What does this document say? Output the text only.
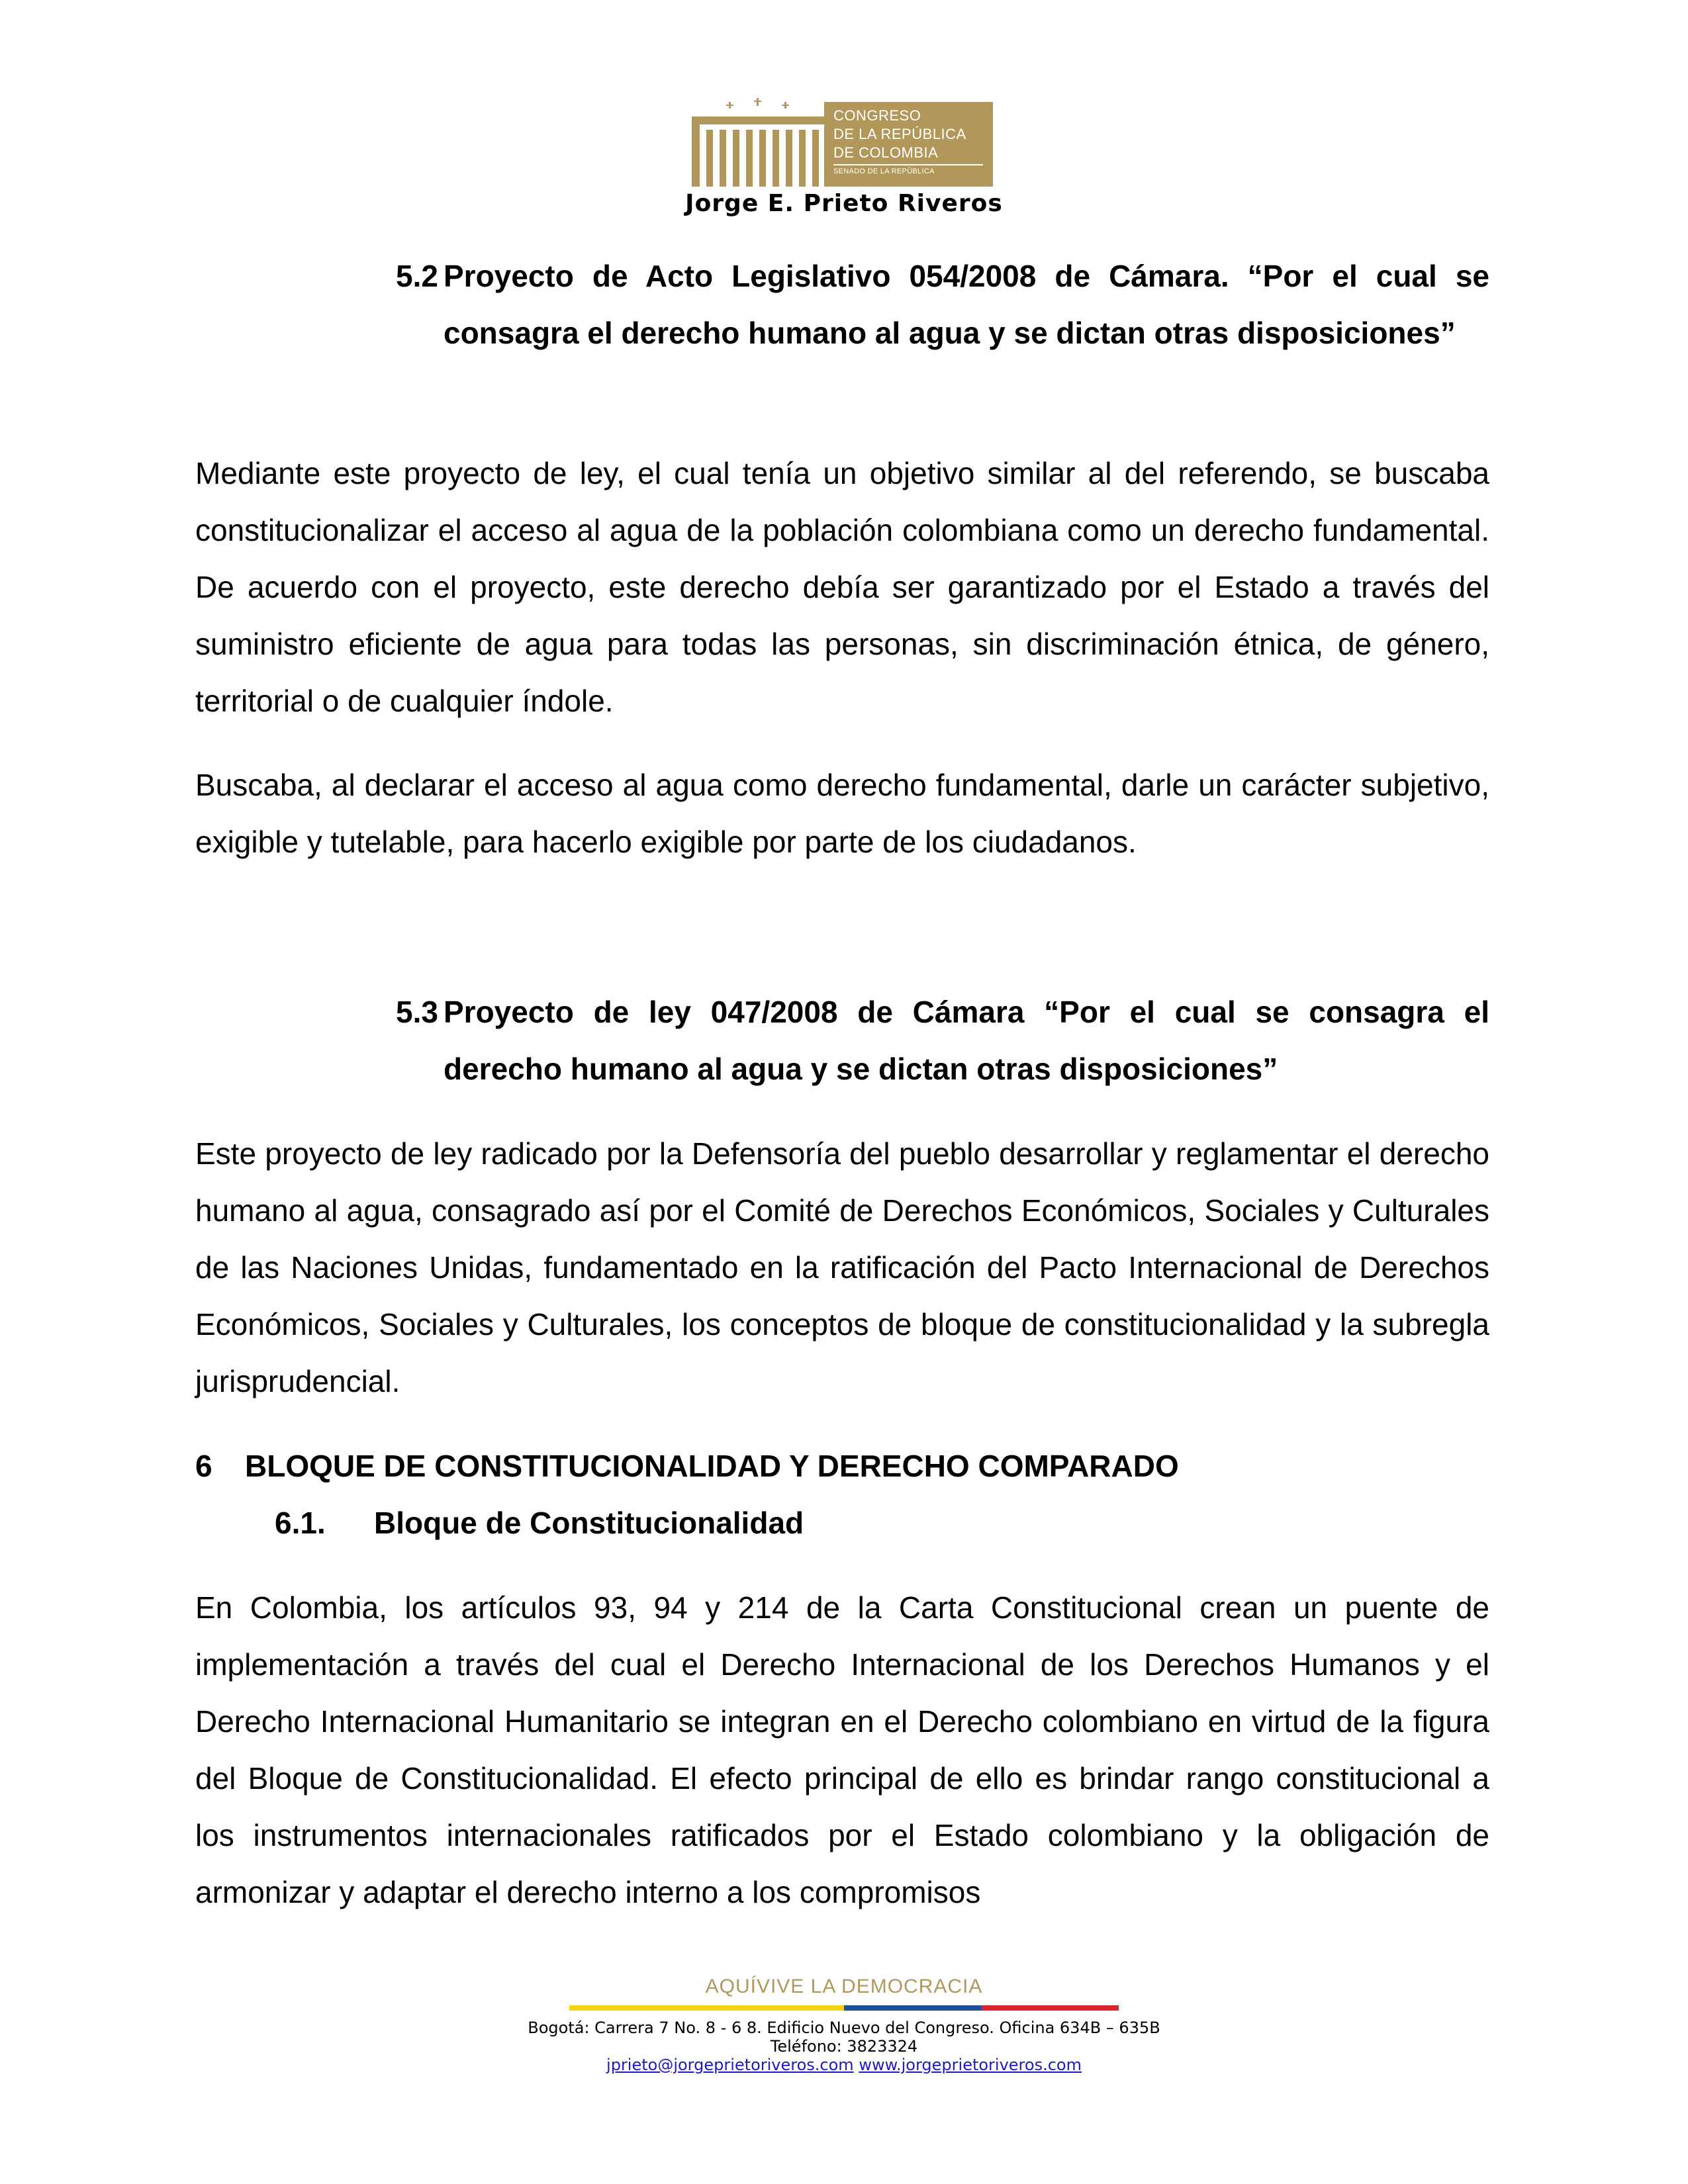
CONGRESO
DE LA REPÚBLICA
DE COLOMBIA
SENADO DE LA REPÚBLICA
Jorge E. Prieto Riveros
5.2 Proyecto de Acto Legislativo 054/2008 de Cámara. “Por el cual se consagra el derecho humano al agua y se dictan otras disposiciones”
Mediante este proyecto de ley, el cual tenía un objetivo similar al del referendo, se buscaba constitucionalizar el acceso al agua de la población colombiana como un derecho fundamental. De acuerdo con el proyecto, este derecho debía ser garantizado por el Estado a través del suministro eficiente de agua para todas las personas, sin discriminación étnica, de género, territorial o de cualquier índole.
Buscaba, al declarar el acceso al agua como derecho fundamental, darle un carácter subjetivo, exigible y tutelable, para hacerlo exigible por parte de los ciudadanos.
5.3 Proyecto de ley 047/2008 de Cámara “Por el cual se consagra el derecho humano al agua y se dictan otras disposiciones”
Este proyecto de ley radicado por la Defensoría del pueblo desarrollar y reglamentar el derecho humano al agua, consagrado así por el Comité de Derechos Económicos, Sociales y Culturales de las Naciones Unidas, fundamentado en la ratificación del Pacto Internacional de Derechos Económicos, Sociales y Culturales, los conceptos de bloque de constitucionalidad y la subregla jurisprudencial.
6 BLOQUE DE CONSTITUCIONALIDAD Y DERECHO COMPARADO
6.1. Bloque de Constitucionalidad
En Colombia, los artículos 93, 94 y 214 de la Carta Constitucional crean un puente de implementación a través del cual el Derecho Internacional de los Derechos Humanos y el Derecho Internacional Humanitario se integran en el Derecho colombiano en virtud de la figura del Bloque de Constitucionalidad. El efecto principal de ello es brindar rango constitucional a los instrumentos internacionales ratificados por el Estado colombiano y la obligación de armonizar y adaptar el derecho interno a los compromisos
AQUÍVIVE LA DEMOCRACIA
Bogotá: Carrera 7 No. 8 - 6 8. Edificio Nuevo del Congreso. Oficina 634B – 635B
Teléfono: 3823324
jprieto@jorgeprietoriveros.com www.jorgeprietoriveros.com
